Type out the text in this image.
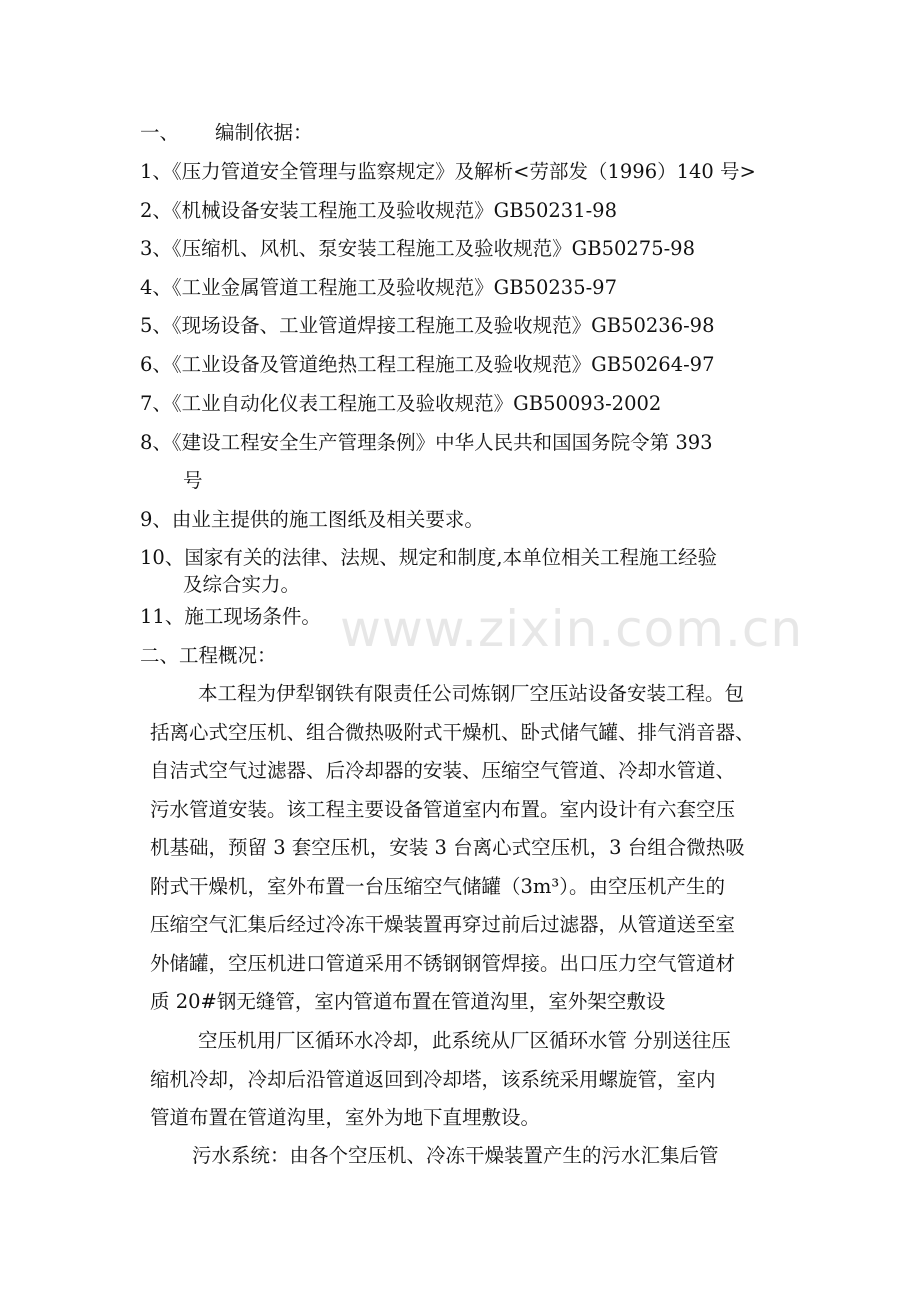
www.zixin.com.cn
一、 编制依据：
1、《压力管道安全管理与监察规定》及解析<劳部发（1996）140 号>
2、《机械设备安装工程施工及验收规范》GB50231-98
3、《压缩机、风机、泵安装工程施工及验收规范》GB50275-98
4、《工业金属管道工程施工及验收规范》GB50235-97
5、《现场设备、工业管道焊接工程施工及验收规范》GB50236-98
6、《工业设备及管道绝热工程工程施工及验收规范》GB50264-97
7、《工业自动化仪表工程施工及验收规范》GB50093-2002
8、《建设工程安全生产管理条例》中华人民共和国国务院令第 393
号
9、由业主提供的施工图纸及相关要求。
10、国家有关的法律、法规、规定和制度,本单位相关工程施工经验
及综合实力。
11、施工现场条件。
二、工程概况：
本工程为伊犁钢铁有限责任公司炼钢厂空压站设备安装工程。包
括离心式空压机、组合微热吸附式干燥机、卧式储气罐、排气消音器、
自洁式空气过滤器、后冷却器的安装、压缩空气管道、冷却水管道、
污水管道安装。该工程主要设备管道室内布置。室内设计有六套空压
机基础，预留 3 套空压机，安装 3 台离心式空压机，3 台组合微热吸
附式干燥机，室外布置一台压缩空气储罐（3m³）。由空压机产生的
压缩空气汇集后经过冷冻干燥装置再穿过前后过滤器，从管道送至室
外储罐，空压机进口管道采用不锈钢钢管焊接。出口压力空气管道材
质 20#钢无缝管，室内管道布置在管道沟里，室外架空敷设
空压机用厂区循环水冷却，此系统从厂区循环水管 分别送往压
缩机冷却，冷却后沿管道返回到冷却塔，该系统采用螺旋管，室内
管道布置在管道沟里，室外为地下直埋敷设。
污水系统：由各个空压机、冷冻干燥装置产生的污水汇集后管
